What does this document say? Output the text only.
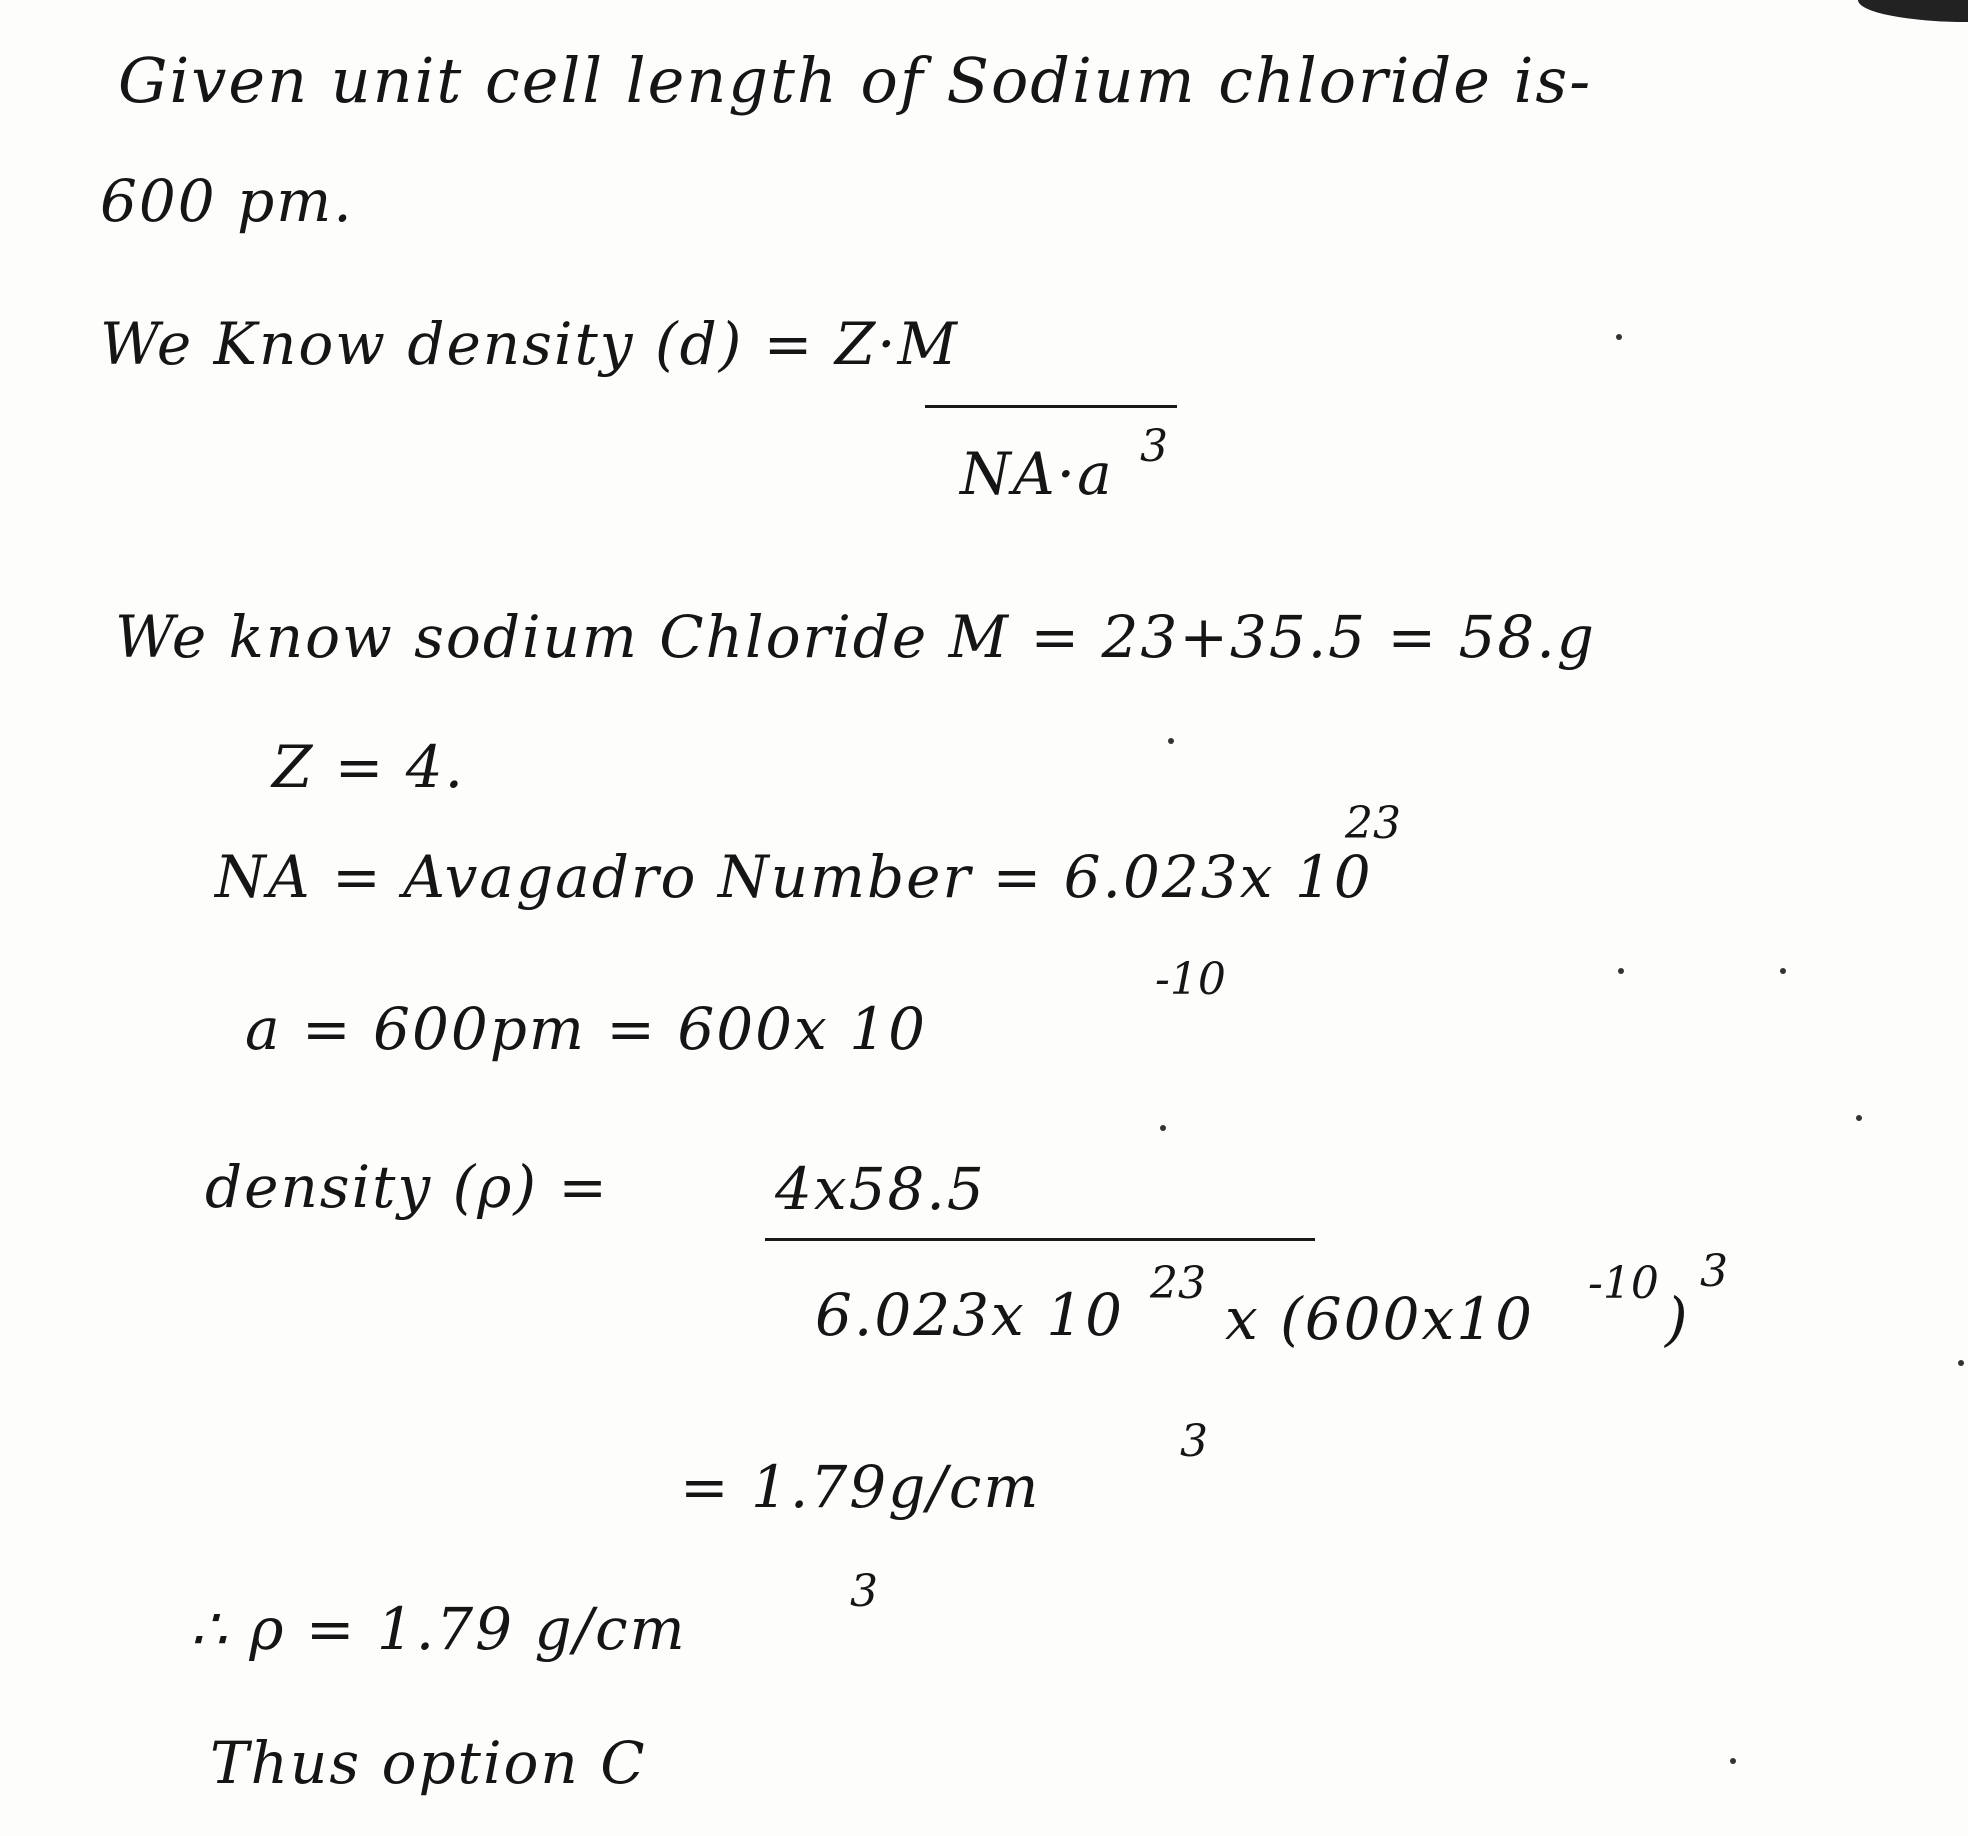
Given unit cell length of Sodium chloride is-
600 pm.
We Know density (d) = Z·M
NA·a 3
We know sodium Chloride M = 23+35.5 = 58.g
Z = 4.
NA = Avagadro Number = 6.023x 10
23
a = 600pm = 600x 10
-10
density (ρ) =	4x58.5
6.023x 10 23
x (600x10
-10
)
3
= 1.79g/cm
3
∴ ρ = 1.79 g/cm
3
Thus option C
